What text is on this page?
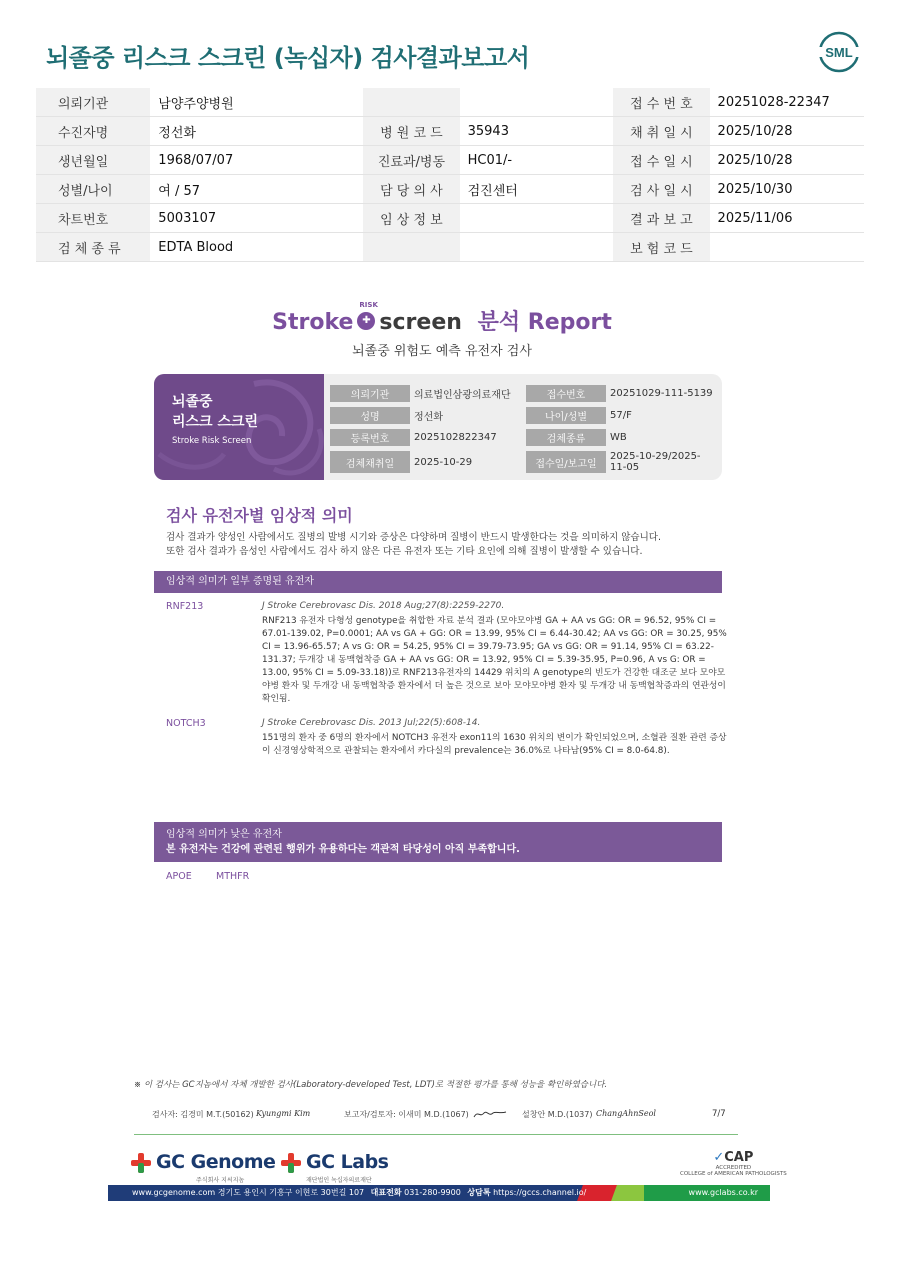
뇌졸중 리스크 스크린 (녹십자) 검사결과보고서	SML
의뢰기관	남양주양병원			접 수 번 호	20251028-22347
수진자명	정선화	병 원 코 드	35943	채 취 일 시	2025/10/28
생년월일	1968/07/07	진료과/병동	HC01/-	접 수 일 시	2025/10/28
성별/나이	여 / 57	담 당 의 사	검진센터	검 사 일 시	2025/10/30
차트번호	5003107	임 상 정 보		결 과 보 고	2025/11/06
검 체 종 류	EDTA Blood			보 험 코 드	
Stroke
RISK
✚ screen 분석 Report
뇌졸중 위험도 예측 유전자 검사
뇌졸중
리스크 스크린
Stroke Risk Screen
의뢰기관	의료법인삼광의료재단	접수번호	20251029-111-5139
성명	정선화	나이/성별	57/F
등록번호	2025102822347	검체종류	WB
검체채취일	2025-10-29	접수일/보고일	2025-10-29/2025-11-05
검사 유전자별 임상적 의미
검사 결과가 양성인 사람에서도 질병의 발병 시기와 증상은 다양하며 질병이 반드시 발생한다는 것을 의미하지 않습니다.
또한 검사 결과가 음성인 사람에서도 검사 하지 않은 다른 유전자 또는 기타 요인에 의해 질병이 발생할 수 있습니다.
임상적 의미가 일부 증명된 유전자
RNF213	J Stroke Cerebrovasc Dis. 2018 Aug;27(8):2259-2270.
RNF213 유전자 다형성 genotype을 취합한 자료 분석 결과 (모야모야병 GA + AA vs GG: OR = 96.52, 95% CI = 67.01-139.02, P=0.0001; AA vs GA + GG: OR = 13.99, 95% CI = 6.44-30.42; AA vs GG: OR = 30.25, 95% CI = 13.96-65.57; A vs G: OR = 54.25, 95% CI = 39.79-73.95; GA vs GG: OR = 91.14, 95% CI = 63.22-131.37; 두개강 내 동맥협착증 GA + AA vs GG: OR = 13.92, 95% CI = 5.39-35.95, P=0.96, A vs G: OR = 13.00, 95% CI = 5.09-33.18))로 RNF213유전자의 14429 위치의 A genotype의 빈도가 건강한 대조군 보다 모야모야병 환자 및 두개강 내 동맥협착증 환자에서 더 높은 것으로 보아 모야모야병 환자 및 두개강 내 동맥협착증과의 연관성이 확인됨.
NOTCH3	J Stroke Cerebrovasc Dis. 2013 Jul;22(5):608-14.
151명의 환자 중 6명의 환자에서 NOTCH3 유전자 exon11의 1630 위치의 변이가 확인되었으며, 소혈관 질환 관련 증상이 신경영상학적으로 관찰되는 환자에서 카다실의 prevalence는 36.0%로 나타남(95% CI = 8.0-64.8).
임상적 의미가 낮은 유전자
본 유전자는 건강에 관련된 행위가 유용하다는 객관적 타당성이 아직 부족합니다.
APOE	MTHFR
※ 이 검사는 GC지놈에서 자체 개발한 검사(Laboratory-developed Test, LDT)로 적절한 평가를 통해 성능을 확인하였습니다.
검사자: 김경미 M.T.(50162) Kyungmi Kim	보고자/검토자: 이새미 M.D.(1067)	설창안 M.D.(1037) ChangAhnSeol	7/7
GC Genome
주식회사 지씨지놈
GC Labs
재단법인 녹십자의료재단
✓CAP
ACCREDITED
COLLEGE of AMERICAN PATHOLOGISTS
www.gcgenome.com 경기도 용인시 기흥구 이현로 30번길 107 대표전화 031-280-9900 상담톡 https://gccs.channel.io/	www.gclabs.co.kr
